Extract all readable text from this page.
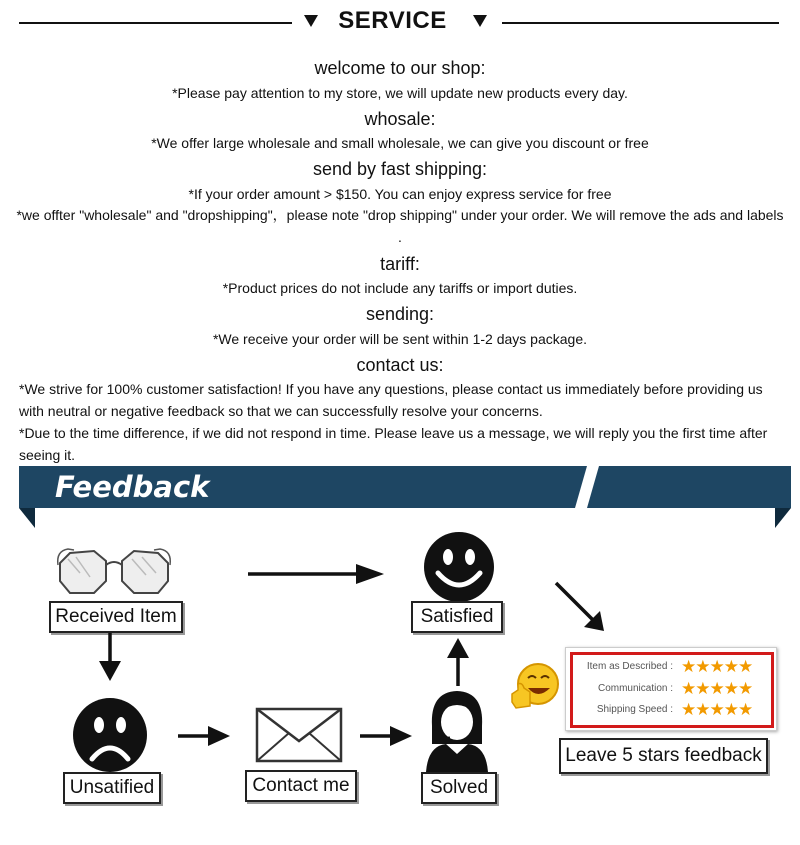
SERVICE
welcome to our shop:
*Please pay attention to my store, we will update new products every day.
whosale:
*We offer large wholesale and small wholesale, we can give you discount or free
send by fast shipping:
*If your order amount > $150. You can enjoy express service for free
*we offter "wholesale" and "dropshipping"，please note "drop shipping" under your order. We will remove the ads and labels .
tariff:
*Product prices do not include any tariffs or import duties.
sending:
*We receive your order will be sent within 1-2 days package.
contact us:
*We strive for 100% customer satisfaction! If you have any questions, please contact us immediately before providing us with neutral or negative feedback so that we can successfully resolve your concerns.
*Due to the time difference, if we did not respond in time. Please leave us a message, we will reply you the first time after seeing it.
Feedback
Received Item	Satisfied
Unsatified	Contact me	Solved
Item as Described : ★★★★★
Communication : ★★★★★
Shipping Speed : ★★★★★
Leave 5 stars feedback
